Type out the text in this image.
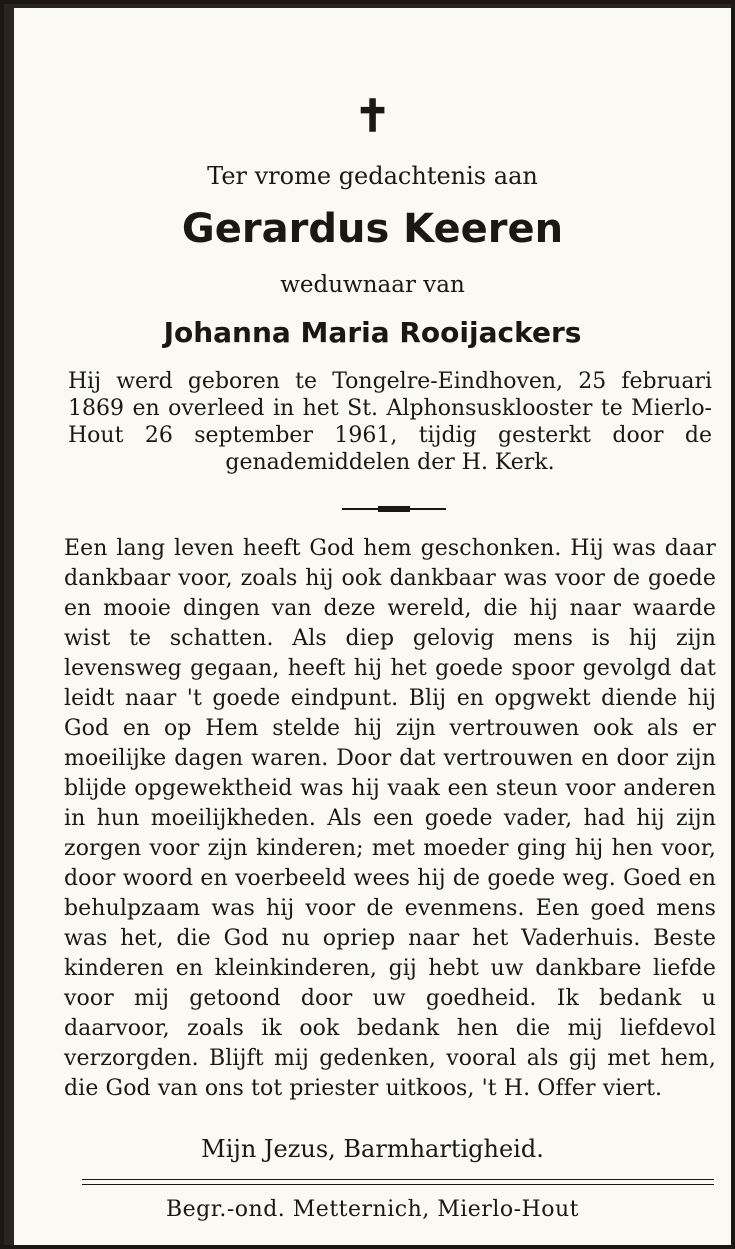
✝
Ter vrome gedachtenis aan
Gerardus Keeren
weduwnaar van
Johanna Maria Rooijackers
Hij werd geboren te Tongelre-Eindhoven, 25 februari 1869 en overleed in het St. Alphonsusklooster te Mierlo-Hout 26 september 1961, tijdig gesterkt door de genademiddelen der H. Kerk.
Een lang leven heeft God hem geschonken. Hij was daar dankbaar voor, zoals hij ook dankbaar was voor de goede en mooie dingen van deze wereld, die hij naar waarde wist te schatten. Als diep gelovig mens is hij zijn levensweg gegaan, heeft hij het goede spoor gevolgd dat leidt naar 't goede eindpunt. Blij en opgwekt diende hij God en op Hem stelde hij zijn vertrouwen ook als er moeilijke dagen waren. Door dat vertrouwen en door zijn blijde opgewektheid was hij vaak een steun voor anderen in hun moeilijkheden. Als een goede vader, had hij zijn zorgen voor zijn kinderen; met moeder ging hij hen voor, door woord en voerbeeld wees hij de goede weg. Goed en behulpzaam was hij voor de evenmens. Een goed mens was het, die God nu opriep naar het Vaderhuis. Beste kinderen en kleinkinderen, gij hebt uw dankbare liefde voor mij getoond door uw goedheid. Ik bedank u daarvoor, zoals ik ook bedank hen die mij liefdevol verzorgden. Blijft mij gedenken, vooral als gij met hem, die God van ons tot priester uitkoos, 't H. Offer viert.
Mijn Jezus, Barmhartigheid.
Begr.-ond. Metternich, Mierlo-Hout
